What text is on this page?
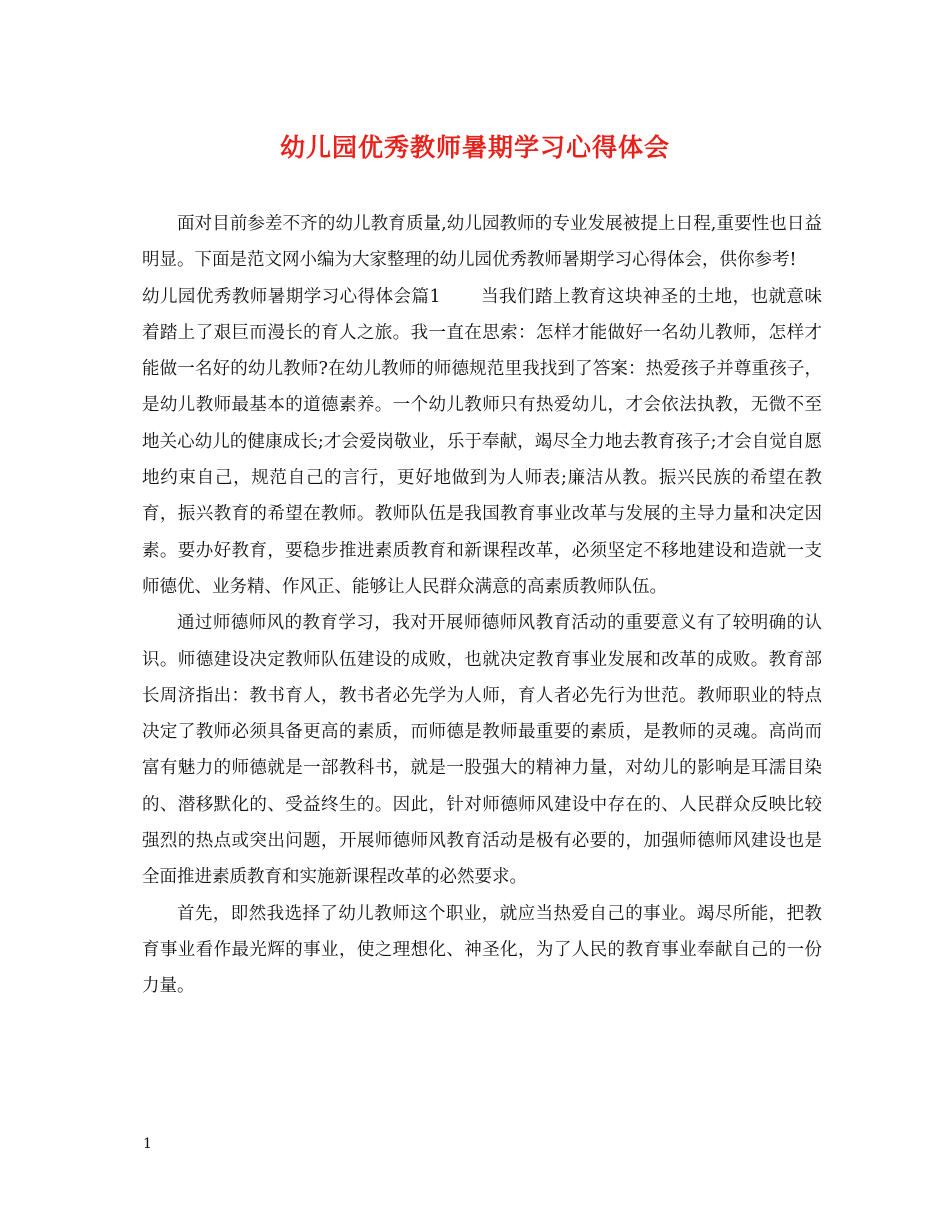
幼儿园优秀教师暑期学习心得体会

面对目前参差不齐的幼儿教育质量,幼儿园教师的专业发展被提上日程,重要性也日益明显。下面是范文网小编为大家整理的幼儿园优秀教师暑期学习心得体会，供你参考!

幼儿园优秀教师暑期学习心得体会篇1 当我们踏上教育这块神圣的土地，也就意味着踏上了艰巨而漫长的育人之旅。我一直在思索：怎样才能做好一名幼儿教师，怎样才能做一名好的幼儿教师?在幼儿教师的师德规范里我找到了答案：热爱孩子并尊重孩子，是幼儿教师最基本的道德素养。一个幼儿教师只有热爱幼儿，才会依法执教，无微不至地关心幼儿的健康成长;才会爱岗敬业，乐于奉献，竭尽全力地去教育孩子;才会自觉自愿地约束自己，规范自己的言行，更好地做到为人师表;廉洁从教。振兴民族的希望在教育，振兴教育的希望在教师。教师队伍是我国教育事业改革与发展的主导力量和决定因素。要办好教育，要稳步推进素质教育和新课程改革，必须坚定不移地建设和造就一支师德优、业务精、作风正、能够让人民群众满意的高素质教师队伍。

通过师德师风的教育学习，我对开展师德师风教育活动的重要意义有了较明确的认识。师德建设决定教师队伍建设的成败，也就决定教育事业发展和改革的成败。教育部长周济指出：教书育人，教书者必先学为人师，育人者必先行为世范。教师职业的特点决定了教师必须具备更高的素质，而师德是教师最重要的素质，是教师的灵魂。高尚而富有魅力的师德就是一部教科书，就是一股强大的精神力量，对幼儿的影响是耳濡目染的、潜移默化的、受益终生的。因此，针对师德师风建设中存在的、人民群众反映比较强烈的热点或突出问题，开展师德师风教育活动是极有必要的，加强师德师风建设也是全面推进素质教育和实施新课程改革的必然要求。

首先，即然我选择了幼儿教师这个职业，就应当热爱自己的事业。竭尽所能，把教育事业看作最光辉的事业，使之理想化、神圣化，为了人民的教育事业奉献自己的一份力量。

1
